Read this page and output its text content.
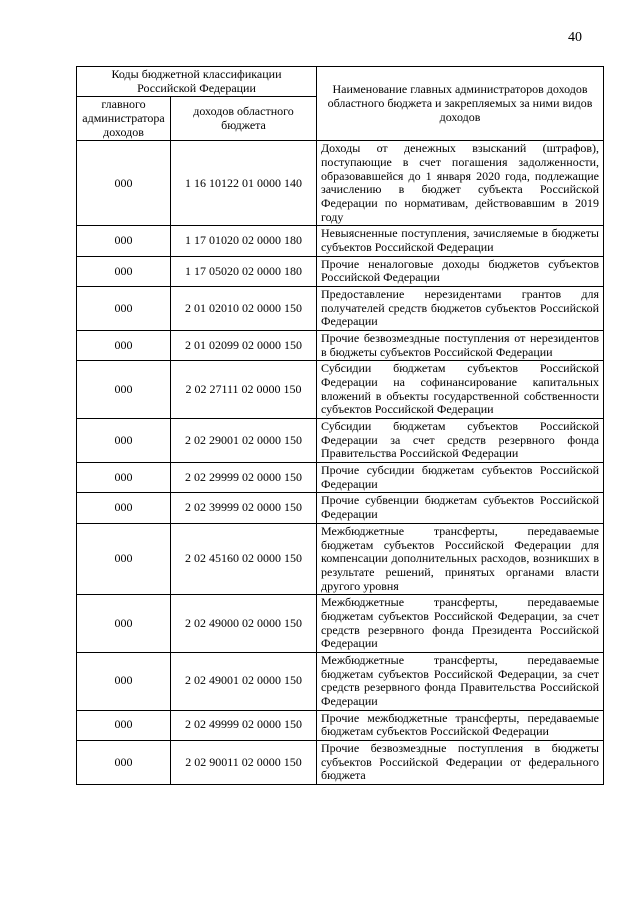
40
Коды бюджетной классификации Российской Федерации		Наименование главных администраторов доходов областного бюджета и закрепляемых за ними видов доходов
главного администратора доходов	доходов областного бюджета	
000	1 16 10122 01 0000 140	Доходы от денежных взысканий (штрафов), поступающие в счет погашения задолженности, образовавшейся до 1 января 2020 года, подлежащие зачислению в бюджет субъекта Российской Федерации по нормативам, действовавшим в 2019 году
000	1 17 01020 02 0000 180	Невыясненные поступления, зачисляемые в бюджеты субъектов Российской Федерации
000	1 17 05020 02 0000 180	Прочие неналоговые доходы бюджетов субъектов Российской Федерации
000	2 01 02010 02 0000 150	Предоставление нерезидентами грантов для получателей средств бюджетов субъектов Российской Федерации
000	2 01 02099 02 0000 150	Прочие безвозмездные поступления от нерезидентов в бюджеты субъектов Российской Федерации
000	2 02 27111 02 0000 150	Субсидии бюджетам субъектов Российской Федерации на софинансирование капитальных вложений в объекты государственной собственности субъектов Российской Федерации
000	2 02 29001 02 0000 150	Субсидии бюджетам субъектов Российской Федерации за счет средств резервного фонда Правительства Российской Федерации
000	2 02 29999 02 0000 150	Прочие субсидии бюджетам субъектов Российской Федерации
000	2 02 39999 02 0000 150	Прочие субвенции бюджетам субъектов Российской Федерации
000	2 02 45160 02 0000 150	Межбюджетные трансферты, передаваемые бюджетам субъектов Российской Федерации для компенсации дополнительных расходов, возникших в результате решений, принятых органами власти другого уровня
000	2 02 49000 02 0000 150	Межбюджетные трансферты, передаваемые бюджетам субъектов Российской Федерации, за счет средств резервного фонда Президента Российской Федерации
000	2 02 49001 02 0000 150	Межбюджетные трансферты, передаваемые бюджетам субъектов Российской Федерации, за счет средств резервного фонда Правительства Российской Федерации
000	2 02 49999 02 0000 150	Прочие межбюджетные трансферты, передаваемые бюджетам субъектов Российской Федерации
000	2 02 90011 02 0000 150	Прочие безвозмездные поступления в бюджеты субъектов Российской Федерации от федерального бюджета
